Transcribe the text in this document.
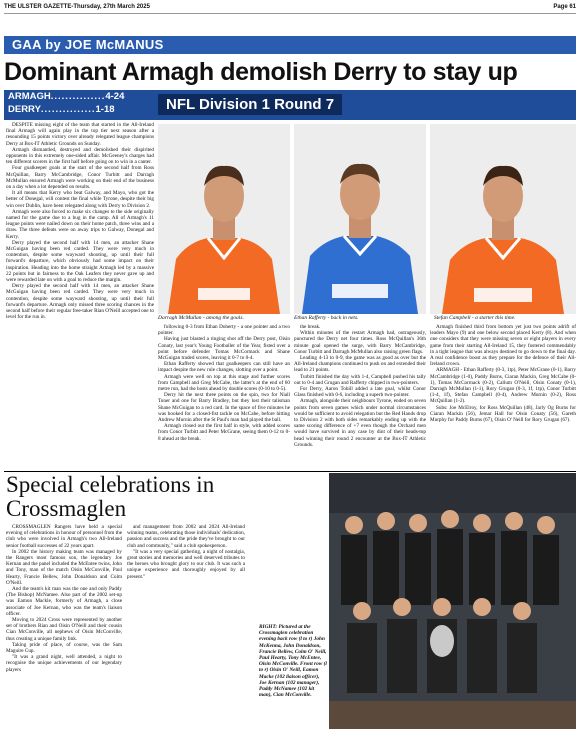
THE ULSTER GAZETTE-Thursday, 27th March 2025	Page 61
GAA by JOE McMANUS
Dominant Armagh demolish Derry to stay up
ARMAGH...............4-24
DERRY...............1-18	NFL Division 1 Round 7

DESPITE missing eight of the team that started in the All-Ireland final Armagh will again play in the top tier next season after a resounding 15 points victory over already relegated league champions Derry at Box-IT Athletic Grounds on Sunday.

Armagh dismantled, destroyed and demolished their dispirited opponents in this extremely one-sided affair. McGeeney's charges had ten different scorers in the first half before going on to win in a canter.

Four goalkeeper goals at the start of the second half from Ross McQuillan, Barry McCambridge, Conor Turbitt and Darragh McMullan ensured Armagh were working on their end of the business on a day when a lot depended on results.

It all means that Kerry who beat Galway, and Mayo, who got the better of Donegal, will contest the final while Tyrone, despite their big win over Dublin, have been relegated along with Derry to Division 2.

Armagh were also forced to make six changes to the side originally named for the game due to a bug in the camp. All of Armagh's 11 league points were nailed down on their home patch, three wins and a draw. The three defeats were on away trips to Galway, Donegal and Kerry.

Derry played the second half with 14 men, an attacker Shane McGuigan having been red carded. They were very much in contention, despite some wayward shooting, up until their full forward's departure, which obviously had some impact on their inspiration. Heading into the home straight Armagh led by a massive 22 points but in fairness to the Oak Leafers they never gave up and were rewarded late on with a goal to reduce the margin.

Derry played the second half with 14 men, an attacker Shane McGuigan having been red carded. They were very much in contention, despite some wayward shooting, up until their full forward's departure. Armagh only missed three scoring chances in the second half before their regular free-taker Rian O'Neill accepted one to level for the run in.	Darragh McMullan - among the goals.	Ethan Rafferty - back in nets.	Stefan Campbell - a starter this time.

following 0-3 from Ethan Doherty - a one pointer and a two pointer.

Having just blasted a ringing shot off the Derry post, Oisin Conaty, last year's Young Footballer of the Year, fisted over a point before defender Tomas McCormack and Shane McGuigan traded scores, leaving it 0-7 to 0-4.

Ethan Rafferty showed that goalkeepers can still have an impact despite the new rule changes, slotting over a point.

Armagh were well on top at this stage and further scores from Campbell and Greg McCabe, the latter's at the end of 60 metre run, had the hosts ahead by double scores (0-10 to 0-5).

Derry hit the next three points on the spin, two for Niall Toner and one for Barry Bradley, but they lost their talisman Shane McGuigan to a red card. In the space of five minutes he was booked for a closed-fist tackle on McCabe, before hitting Andrew Murnin after the St Paul's man had played the ball.

Armagh closed out the first half in style, with added scores from Conor Turbitt and Peter McGrane, seeing them 0-12 to 0-8 ahead at the break.

the break.

Within minutes of the restart Armagh had, outrageously, punctured the Derry net four times. Ross McQuillan's 36th minute goal opened the surge, with Barry McCambridge, Conor Turbitt and Darragh McMullan also raising green flags.

Leading 4-13 to 0-9, the game was as good as over but the All-Ireland champions continued to push on and extended their lead to 21 points.

Turbitt finished the day with 1-4, Campbell pushed his tally out to 0-4 and Grugan and Rafferty chipped in two-pointers.

For Derry, Aaron Tohill added a late goal, whilst Conor Glass finished with 0-6, including a superb two-pointer.

Armagh, alongside their neighbours Tyrone, ended on seven points from seven games which under normal circumstances would be sufficient to avoid relegation but the Red Hands drop to Division 2 with both sides remarkably ending up with the same scoring difference of +7 even though the Orchard men would have survived in any case by dint of their heads-top head winning their round 2 encounter at the Box-IT Athletic Grounds.

Armagh finished third from bottom yet just two points adrift of leaders Mayo (9) and one below second placed Kerry (8). And when one considers that they were missing seven or eight players in every game from their starting All-Ireland 15, they fostered commendably in a tight league that was always destined to go down to the final day. A real confidence boost as they prepare for the defence of their All-Ireland crown.

ARMAGH - Ethan Rafferty (0-3, 1tp), Peter McGrane (0-1), Barry McCambridge (1-0), Paddy Burns, Ciaran Mackin, Greg McCabe (0-1), Tomas McCormack (0-2), Callum O'Neill, Oisin Conaty (0-1), Darragh McMullan (1-1), Rory Grugan (0-3, 1f, 1tp), Conor Turbitt (1-4, 1f), Stefan Campbell (0-4), Andrew Murnin (0-2), Ross McQuillan (1-2).

Subs: Joe McElroy, for Ross McQuillan (48), Jarly Og Burns for Ciaran Mackin (56), Jemar Hall for Oisin Conaty (56), Gareth Murphy for Paddy Burns (67), Oisin O' Neill for Rory Grugan (67).

Special celebrations in Crossmaglen

CROSSMAGLEN Rangers have held a special evening of celebrations in honour of personnel from the club who were involved in Armagh's two All-Ireland senior football successes of 22 years apart.

In 2002 the history making team was managed by the Rangers most famous son, the legendary Joe Kernan and the panel included the McEntee twins, John and Tony, man of the match Oisin McConville, Paul Hearty, Francie Bellew, John Donaldson and Colm O'Neill.

And the team's kit man was the one and only Paddy (The Bishop) McNamee. Also part of the 2002 set-up was Eamon Mackle, formerly of Armagh, a close associate of Joe Kernan, who was the team's liaison officer.

Moving to 2024 Cross were represented by another set of brothers Rian and Oisin O'Neill and their cousin Cian McConville, all nephews of Oisin McConville, thus creating a unique family link.

Taking pride of place, of course, was the Sam Maguire Cup.

"It was a grand night, well attended, a night to recognise the unique achievements of our legendary players

and management from 2002 and 2024 All-Ireland winning teams, celebrating those individuals' dedication, passion and success and the pride they've brought to our club and community," said a club spokesperson.

"It was a very special gathering, a night of nostalgia, great stories and memories and well deserved tributes to the heroes who brought glory to our club. It was such a unique experience and thoroughly enjoyed by all present."

RIGHT: Pictured at the Crossmaglen celebration evening back row (l to r) John McKenna, John Donaldson, Francie Bellew, Colm O' Neill, Paul Hearty, Tony McEntee, Oisin McConville. Front row (l to r) Oisin O' Neill, Eamon Macke (102 liaison officer), Joe Kernan (102 manager), Paddy McNamee (102 kit man), Cian McConville.
